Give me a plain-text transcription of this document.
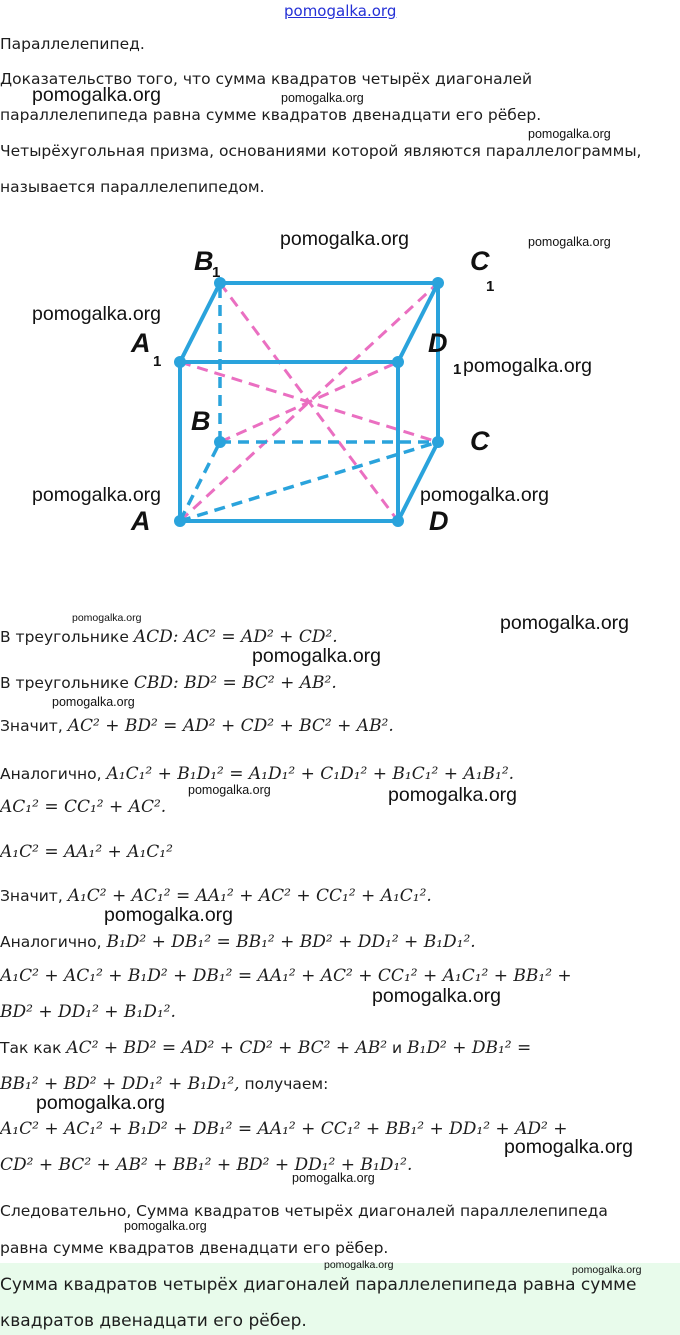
pomogalka.org
Параллелепипед.
Доказательство того, что сумма квадратов четырёх диагоналей
параллелепипеда равна сумме квадратов двенадцати его рёбер.
Четырёхугольная призма, основаниями которой являются параллелограммы,
называется параллелепипедом.
B
1	C
1
A
1
D
1
B
C
A	D
В треугольнике ACD: AC² = AD² + CD².
В треугольнике CBD: BD² = BC² + AB².
Значит, AC² + BD² = AD² + CD² + BC² + AB².
Аналогично, A₁C₁² + B₁D₁² = A₁D₁² + C₁D₁² + B₁C₁² + A₁B₁².
AC₁² = CC₁² + AC².
A₁C² = AA₁² + A₁C₁²
Значит, A₁C² + AC₁² = AA₁² + AC² + CC₁² + A₁C₁².
Аналогично, B₁D² + DB₁² = BB₁² + BD² + DD₁² + B₁D₁².
A₁C² + AC₁² + B₁D² + DB₁² = AA₁² + AC² + CC₁² + A₁C₁² + BB₁² +
BD² + DD₁² + B₁D₁².
Так как AC² + BD² = AD² + CD² + BC² + AB² и B₁D² + DB₁² =
BB₁² + BD² + DD₁² + B₁D₁², получаем:
A₁C² + AC₁² + B₁D² + DB₁² = AA₁² + CC₁² + BB₁² + DD₁² + AD² +
CD² + BC² + AB² + BB₁² + BD² + DD₁² + B₁D₁².
Следовательно, Сумма квадратов четырёх диагоналей параллелепипеда
равна сумме квадратов двенадцати его рёбер.
Сумма квадратов четырёх диагоналей параллелепипеда равна сумме
квадратов двенадцати его рёбер.
pomogalka.org	pomogalka.org
pomogalka.org
pomogalka.org	pomogalka.org
pomogalka.org
pomogalka.org
pomogalka.org	pomogalka.org
pomogalka.org	pomogalka.org
pomogalka.org
pomogalka.org
pomogalka.org	pomogalka.org
pomogalka.org
pomogalka.org
pomogalka.org
pomogalka.org
pomogalka.org
pomogalka.org
pomogalka.org	pomogalka.org
